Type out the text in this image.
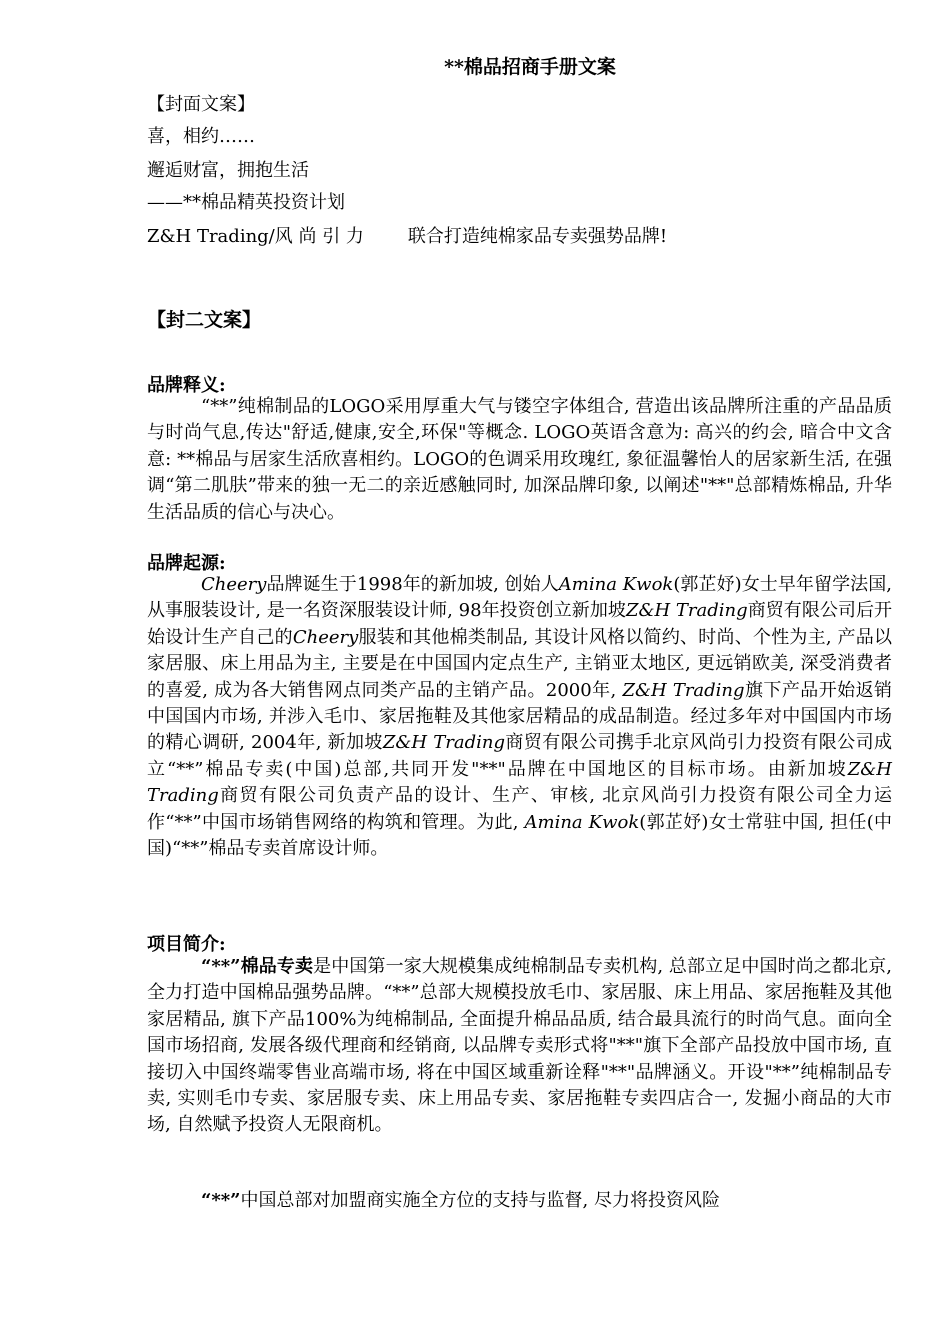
**棉品招商手册文案
【封面文案】
喜，相约……
邂逅财富，拥抱生活
——**棉品精英投资计划
Z&H Trading/风 尚 引 力 联合打造纯棉家品专卖强势品牌!
【封二文案】
品牌释义:

“**”纯棉制品的LOGO采用厚重大气与镂空字体组合, 营造出该品牌所注重的产品品质与时尚气息,传达"舒适,健康,安全,环保"等概念. LOGO英语含意为: 高兴的约会, 暗合中文含意: **棉品与居家生活欣喜相约。LOGO的色调采用玫瑰红, 象征温馨怡人的居家新生活, 在强调“第二肌肤”带来的独一无二的亲近感触同时, 加深品牌印象, 以阐述"**"总部精炼棉品, 升华生活品质的信心与决心。

品牌起源:

Cheery品牌诞生于1998年的新加坡, 创始人Amina Kwok(郭芷妤)女士早年留学法国, 从事服装设计, 是一名资深服装设计师, 98年投资创立新加坡Z&H Trading商贸有限公司后开始设计生产自己的Cheery服装和其他棉类制品, 其设计风格以简约、时尚、个性为主, 产品以家居服、床上用品为主, 主要是在中国国内定点生产, 主销亚太地区, 更远销欧美, 深受消费者的喜爱, 成为各大销售网点同类产品的主销产品。2000年, Z&H Trading旗下产品开始返销中国国内市场, 并涉入毛巾、家居拖鞋及其他家居精品的成品制造。经过多年对中国国内市场的精心调研, 2004年, 新加坡Z&H Trading商贸有限公司携手北京风尚引力投资有限公司成立“**”棉品专卖(中国)总部,共同开发"**"品牌在中国地区的目标市场。由新加坡Z&H Trading商贸有限公司负责产品的设计、生产、审核, 北京风尚引力投资有限公司全力运作“**”中国市场销售网络的构筑和管理。为此, Amina Kwok(郭芷妤)女士常驻中国, 担任(中国)“**”棉品专卖首席设计师。

项目简介:

“**”棉品专卖是中国第一家大规模集成纯棉制品专卖机构, 总部立足中国时尚之都北京, 全力打造中国棉品强势品牌。“**”总部大规模投放毛巾、家居服、床上用品、家居拖鞋及其他家居精品, 旗下产品100%为纯棉制品, 全面提升棉品品质, 结合最具流行的时尚气息。面向全国市场招商, 发展各级代理商和经销商, 以品牌专卖形式将"**"旗下全部产品投放中国市场, 直接切入中国终端零售业高端市场, 将在中国区域重新诠释"**"品牌涵义。开设"**”纯棉制品专卖, 实则毛巾专卖、家居服专卖、床上用品专卖、家居拖鞋专卖四店合一, 发掘小商品的大市场, 自然赋予投资人无限商机。

“**”中国总部对加盟商实施全方位的支持与监督, 尽力将投资风险
